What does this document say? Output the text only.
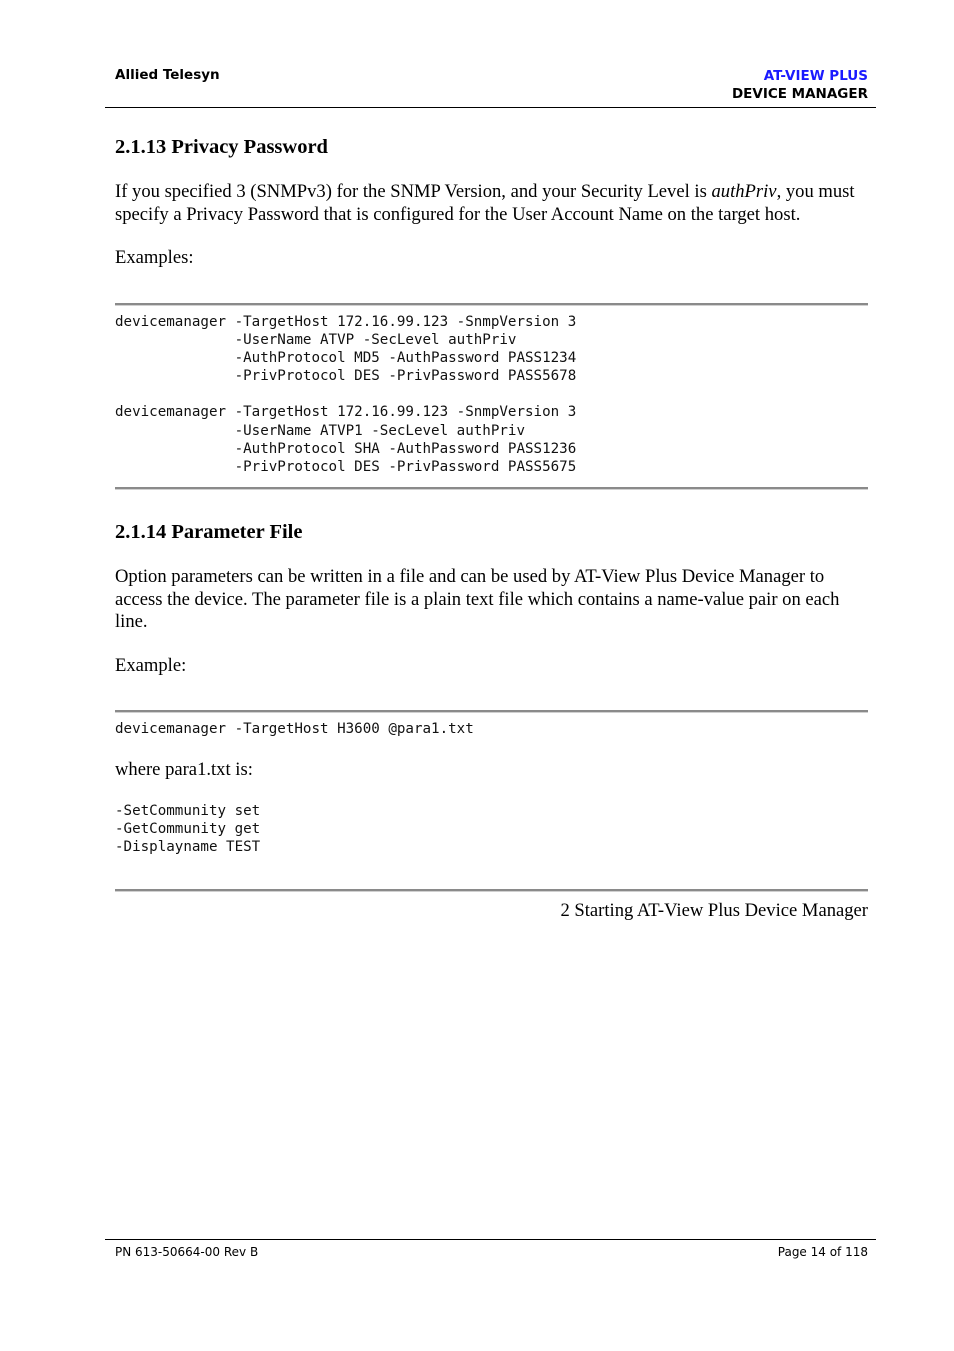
Allied Telesyn	AT-VIEW PLUS
DEVICE MANAGER
2.1.13 Privacy Password

If you specified 3 (SNMPv3) for the SNMP Version, and your Security Level is authPriv, you must specify a Privacy Password that is configured for the User Account Name on the target host.

Examples:

devicemanager -TargetHost 172.16.99.123 -SnmpVersion 3
-UserName ATVP -SecLevel authPriv
-AuthProtocol MD5 -AuthPassword PASS1234
-PrivProtocol DES -PrivPassword PASS5678
devicemanager -TargetHost 172.16.99.123 -SnmpVersion 3
-UserName ATVP1 -SecLevel authPriv
-AuthProtocol SHA -AuthPassword PASS1236
-PrivProtocol DES -PrivPassword PASS5675
2.1.14 Parameter File

Option parameters can be written in a file and can be used by AT-View Plus Device Manager to access the device. The parameter file is a plain text file which contains a name-value pair on each line.

Example:

devicemanager -TargetHost H3600 @para1.txt

where para1.txt is:

-SetCommunity set
-GetCommunity get
-Displayname TEST

2 Starting AT-View Plus Device Manager

PN 613-50664-00 Rev B	Page 14 of 118
